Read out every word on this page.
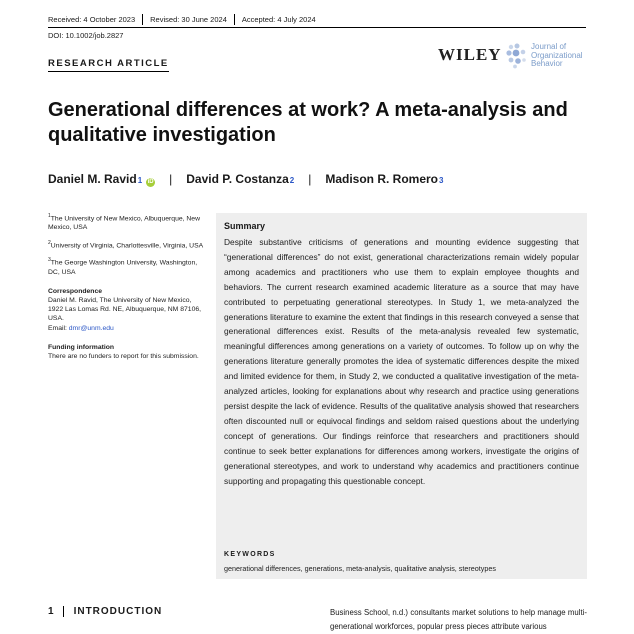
Received: 4 October 2023 Revised: 30 June 2024 Accepted: 4 July 2024
DOI: 10.1002/job.2827
RESEARCH ARTICLE	WILEY	Journal of
Organizational
Behavior
Generational differences at work? A meta-analysis and qualitative investigation
Daniel M. Ravid 1 iD | David P. Costanza 2 | Madison R. Romero 3

$^1$The University of New Mexico, Albuquerque, New Mexico, USA

$^2$University of Virginia, Charlottesville, Virginia, USA

$^3$The George Washington University, Washington, DC, USA

Correspondence
Daniel M. Ravid, The University of New Mexico, 1922 Las Lomas Rd. NE, Albuquerque, NM 87106, USA.
Email: dmr@unm.edu

Funding information
There are no funders to report for this submission.

Summary
Despite substantive criticisms of generations and mounting evidence suggesting that “generational differences” do not exist, generational characterizations remain widely popular among academics and practitioners who use them to explain employee thoughts and behaviors. The current research examined academic literature as a source that may have contributed to perpetuating generational stereotypes. In Study 1, we meta-analyzed the generations literature to examine the extent that findings in this research conveyed a sense that generational differences exist. Results of the meta-analysis revealed few systematic, meaningful differences among generations on a variety of outcomes. To follow up on why the generations literature generally promotes the idea of systematic differences despite the mixed and limited evidence for them, in Study 2, we conducted a qualitative investigation of the meta-analyzed articles, looking for explanations about why research and practice using generations persist despite the lack of evidence. Results of the qualitative analysis showed that researchers often discounted null or equivocal findings and seldom raised questions about the underlying concept of generations. Our findings reinforce that researchers and practitioners should continue to seek better explanations for differences among workers, investigate the origins of generational stereotypes, and work to understand why academics and practitioners continue supporting and propagating this questionable concept.
KEYWORDS
generational differences, generations, meta-analysis, qualitative analysis, stereotypes
1 INTRODUCTION	Business School, n.d.) consultants market solutions to help manage multi-generational workforces, popular press pieces attribute various
